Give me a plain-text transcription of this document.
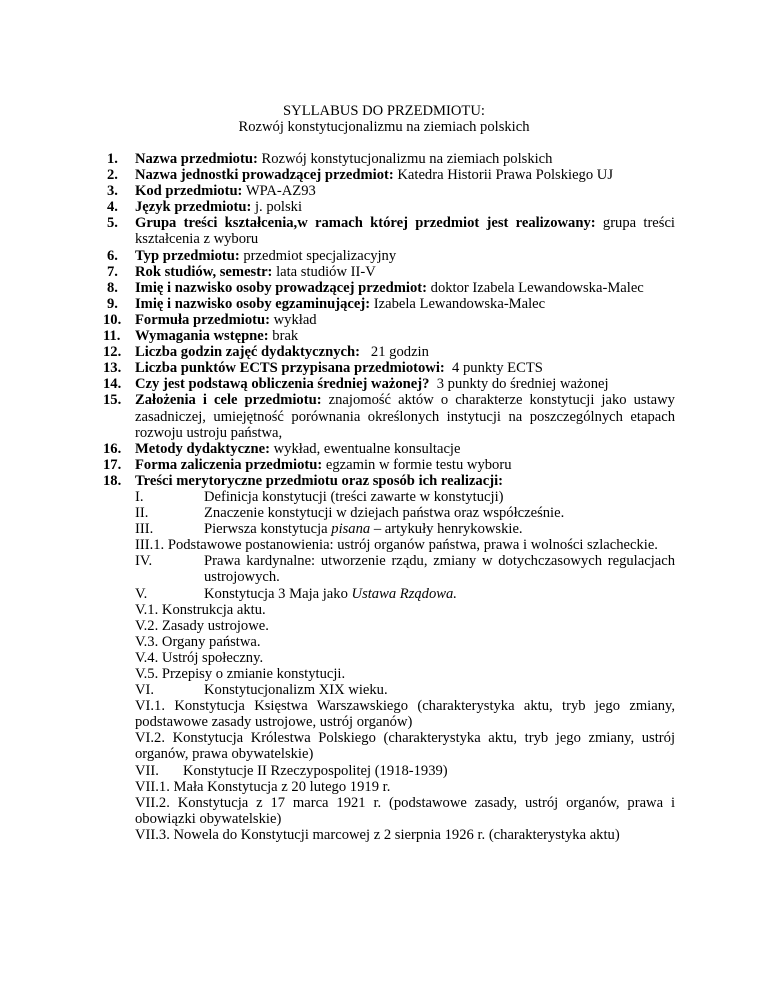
SYLLABUS DO PRZEDMIOTU:
Rozwój konstytucjonalizmu na ziemiach polskich
1. Nazwa przedmiotu: Rozwój konstytucjonalizmu na ziemiach polskich
2. Nazwa jednostki prowadzącej przedmiot: Katedra Historii Prawa Polskiego UJ
3. Kod przedmiotu: WPA-AZ93
4. Język przedmiotu: j. polski
5. Grupa treści kształcenia,w ramach której przedmiot jest realizowany: grupa treści kształcenia z wyboru
6. Typ przedmiotu: przedmiot specjalizacyjny
7. Rok studiów, semestr: lata studiów II-V
8. Imię i nazwisko osoby prowadzącej przedmiot: doktor Izabela Lewandowska-Malec
9. Imię i nazwisko osoby egzaminującej: Izabela Lewandowska-Malec
10. Formuła przedmiotu: wykład
11. Wymagania wstępne: brak
12. Liczba godzin zajęć dydaktycznych:   21 godzin
13. Liczba punktów ECTS przypisana przedmiotowi:  4 punkty ECTS
14. Czy jest podstawą obliczenia średniej ważonej?  3 punkty do średniej ważonej
15. Założenia i cele przedmiotu: znajomość aktów o charakterze konstytucji jako ustawy zasadniczej, umiejętność porównania określonych instytucji na poszczególnych etapach rozwoju ustroju państwa,
16. Metody dydaktyczne: wykład, ewentualne konsultacje
17. Forma zaliczenia przedmiotu: egzamin w formie testu wyboru
18. Treści merytoryczne przedmiotu oraz sposób ich realizacji:
I.	Definicja konstytucji (treści zawarte w konstytucji)
II.	Znaczenie konstytucji w dziejach państwa oraz współcześnie.
III.	Pierwsza konstytucja pisana – artykuły henrykowskie.
III.1. Podstawowe postanowienia: ustrój organów państwa, prawa i wolności szlacheckie.
IV.	Prawa kardynalne: utworzenie rządu, zmiany w dotychczasowych regulacjach ustrojowych.
V.	Konstytucja 3 Maja jako Ustawa Rządowa.
V.1. Konstrukcja aktu.
V.2. Zasady ustrojowe.
V.3. Organy państwa.
V.4. Ustrój społeczny.
V.5. Przepisy o zmianie konstytucji.
VI.	Konstytucjonalizm XIX wieku.
VI.1. Konstytucja Księstwa Warszawskiego (charakterystyka aktu, tryb jego zmiany, podstawowe zasady ustrojowe, ustrój organów)
VI.2. Konstytucja Królestwa Polskiego (charakterystyka aktu, tryb jego zmiany, ustrój organów, prawa obywatelskie)
VII.	Konstytucje II Rzeczypospolitej (1918-1939)
VII.1. Mała Konstytucja z 20 lutego 1919 r.
VII.2. Konstytucja z 17 marca 1921 r. (podstawowe zasady, ustrój organów, prawa i obowiązki obywatelskie)
VII.3. Nowela do Konstytucji marcowej z 2 sierpnia 1926 r. (charakterystyka aktu)
